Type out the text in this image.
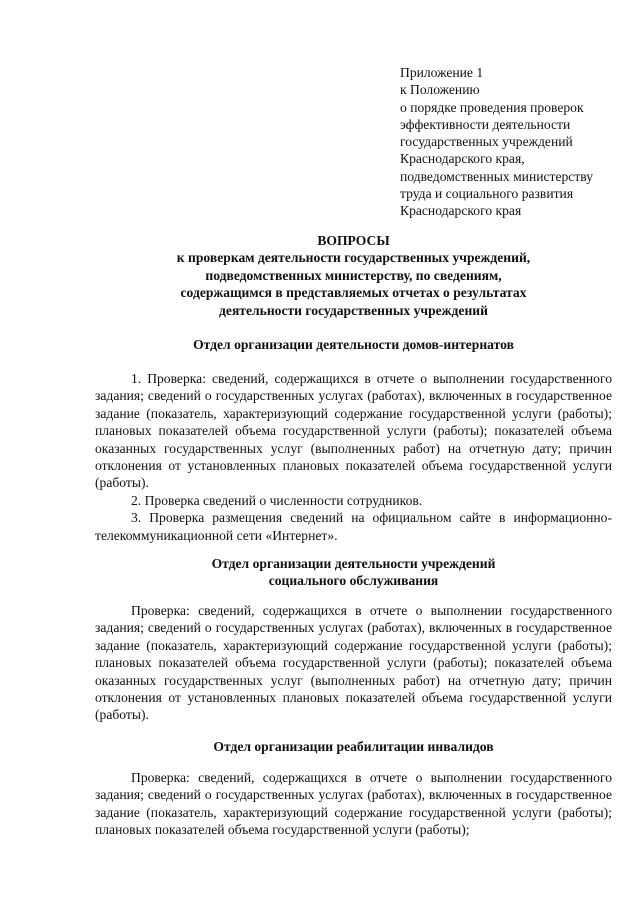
Приложение 1
к Положению
о порядке проведения проверок
эффективности деятельности
государственных учреждений
Краснодарского края,
подведомственных министерству
труда и социального развития
Краснодарского края
ВОПРОСЫ
к проверкам деятельности государственных учреждений,
подведомственных министерству, по сведениям,
содержащимся в представляемых отчетах о результатах
деятельности государственных учреждений
Отдел организации деятельности домов-интернатов

1. Проверка: сведений, содержащихся в отчете о выполнении государственного задания; сведений о государственных услугах (работах), включенных в государственное задание (показатель, характеризующий содержание государственной услуги (работы); плановых показателей объема государственной услуги (работы); показателей объема оказанных государственных услуг (выполненных работ) на отчетную дату; причин отклонения от установленных плановых показателей объема государственной услуги (работы).

2. Проверка сведений о численности сотрудников.

3. Проверка размещения сведений на официальном сайте в информационнотелекоммуникационной сети «Интернет».

Отдел организации деятельности учреждений
социального обслуживания

Проверка: сведений, содержащихся в отчете о выполнении государственного задания; сведений о государственных услугах (работах), включенных в государственное задание (показатель, характеризующий содержание государственной услуги (работы); плановых показателей объема государственной услуги (работы); показателей объема оказанных государственных услуг (выполненных работ) на отчетную дату; причин отклонения от установленных плановых показателей объема государственной услуги (работы).

Отдел организации реабилитации инвалидов

Проверка: сведений, содержащихся в отчете о выполнении государственного задания; сведений о государственных услугах (работах), включенных в государственное задание (показатель, характеризующий содержание государственной услуги (работы); плановых показателей объема государственной услуги (работы);
